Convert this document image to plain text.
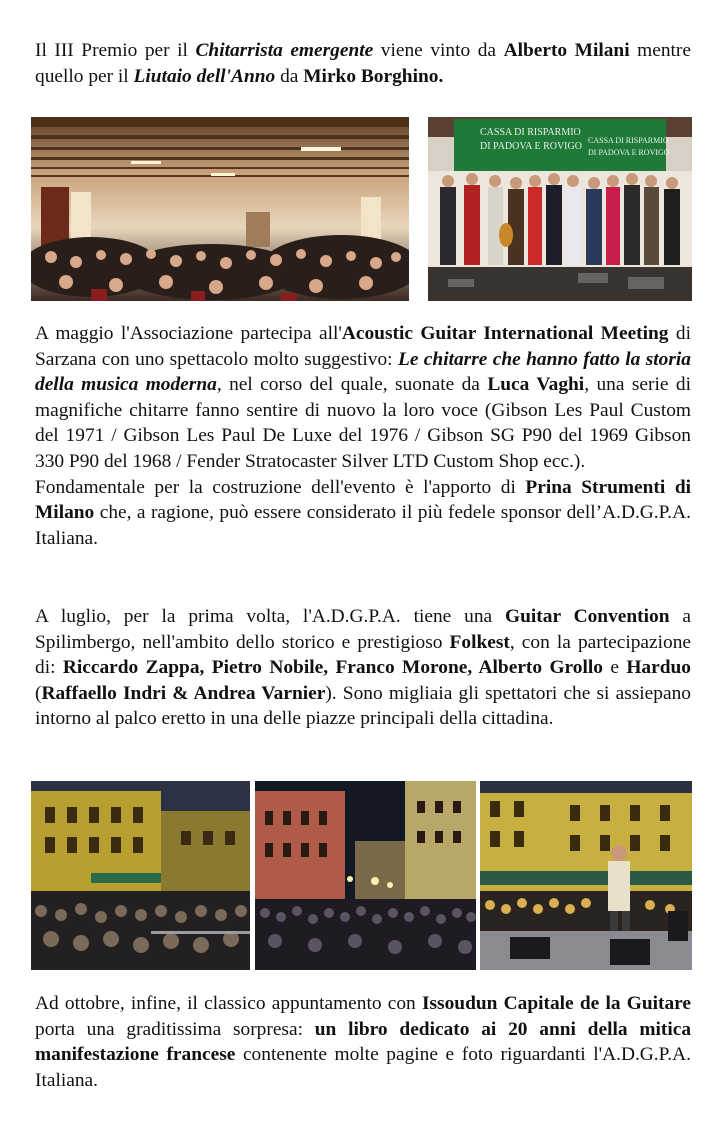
Il III Premio per il Chitarrista emergente viene vinto da Alberto Milani mentre quello per il Liutaio dell'Anno da Mirko Borghino.

CASSA DI RISPARMIO
DI PADOVA E ROVIGO
CASSA DI RISPARMIO
DI PADOVA E ROVIGO

A maggio l'Associazione partecipa all'Acoustic Guitar International Meeting di Sarzana con uno spettacolo molto suggestivo: Le chitarre che hanno fatto la storia della musica moderna, nel corso del quale, suonate da Luca Vaghi, una serie di magnifiche chitarre fanno sentire di nuovo la loro voce (Gibson Les Paul Custom del 1971 / Gibson Les Paul De Luxe del 1976 / Gibson SG P90 del 1969 Gibson 330 P90 del 1968 / Fender Stratocaster Silver LTD Custom Shop ecc.).
Fondamentale per la costruzione dell'evento è l'apporto di Prina Strumenti di Milano che, a ragione, può essere considerato il più fedele sponsor dell’A.D.G.P.A. Italiana.

A luglio, per la prima volta, l'A.D.G.P.A. tiene una Guitar Convention a Spilimbergo, nell'ambito dello storico e prestigioso Folkest, con la partecipazione di: Riccardo Zappa, Pietro Nobile, Franco Morone, Alberto Grollo e Harduo (Raffaello Indri & Andrea Varnier). Sono migliaia gli spettatori che si assiepano intorno al palco eretto in una delle piazze principali della cittadina.

Ad ottobre, infine, il classico appuntamento con Issoudun Capitale de la Guitare porta una graditissima sorpresa: un libro dedicato ai 20 anni della mitica manifestazione francese contenente molte pagine e foto riguardanti l'A.D.G.P.A. Italiana.
